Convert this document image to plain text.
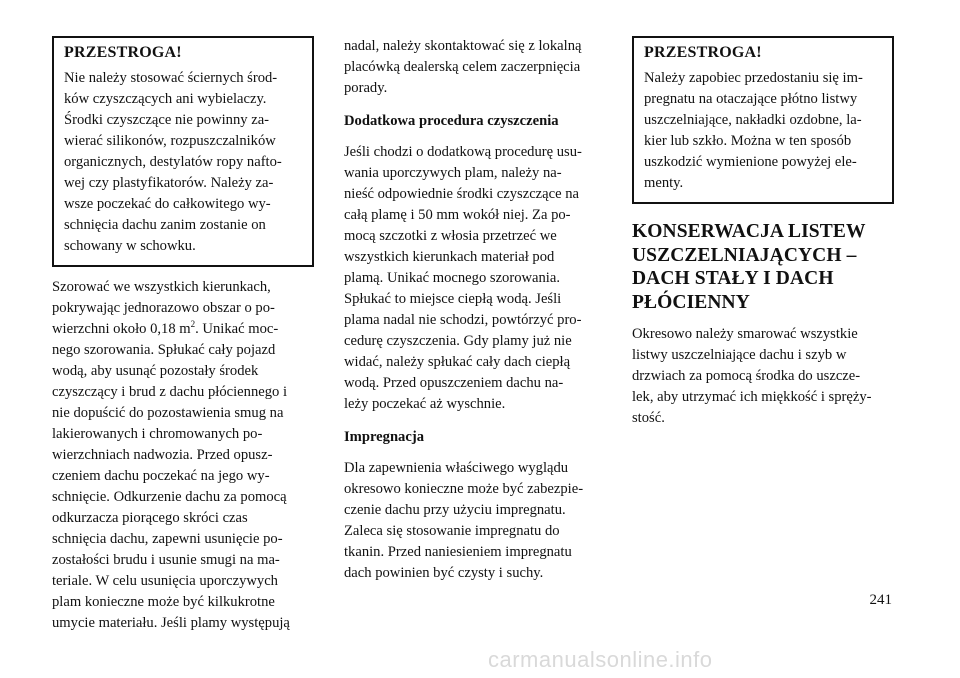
PRZESTROGA!

Nie należy stosować ściernych środ-
ków czyszczących ani wybielaczy.
Środki czyszczące nie powinny za-
wierać silikonów, rozpuszczalników
organicznych, destylatów ropy nafto-
wej czy plastyfikatorów. Należy za-
wsze poczekać do całkowitego wy-
schnięcia dachu zanim zostanie on
schowany w schowku.

Szorować we wszystkich kierunkach,
pokrywając jednorazowo obszar o po-
wierzchni około 0,18 $m^2$. Unikać moc-
nego szorowania. Spłukać cały pojazd
wodą, aby usunąć pozostały środek
czyszczący i brud z dachu płóciennego i
nie dopuścić do pozostawienia smug na
lakierowanych i chromowanych po-
wierzchniach nadwozia. Przed opusz-
czeniem dachu poczekać na jego wy-
schnięcie. Odkurzenie dachu za pomocą
odkurzacza piorącego skróci czas
schnięcia dachu, zapewni usunięcie po-
zostałości brudu i usunie smugi na ma-
teriale. W celu usunięcia uporczywych
plam konieczne może być kilkukrotne
umycie materiału. Jeśli plamy występują

nadal, należy skontaktować się z lokalną
placówką dealerską celem zaczerpnięcia
porady.

Dodatkowa procedura czyszczenia

Jeśli chodzi o dodatkową procedurę usu-
wania uporczywych plam, należy na-
nieść odpowiednie środki czyszczące na
całą plamę i 50 mm wokół niej. Za po-
mocą szczotki z włosia przetrzeć we
wszystkich kierunkach materiał pod
plamą. Unikać mocnego szorowania.
Spłukać to miejsce ciepłą wodą. Jeśli
plama nadal nie schodzi, powtórzyć pro-
cedurę czyszczenia. Gdy plamy już nie
widać, należy spłukać cały dach ciepłą
wodą. Przed opuszczeniem dachu na-
leży poczekać aż wyschnie.

Impregnacja

Dla zapewnienia właściwego wyglądu
okresowo konieczne może być zabezpie-
czenie dachu przy użyciu impregnatu.
Zaleca się stosowanie impregnatu do
tkanin. Przed naniesieniem impregnatu
dach powinien być czysty i suchy.

PRZESTROGA!

Należy zapobiec przedostaniu się im-
pregnatu na otaczające płótno listwy
uszczelniające, nakładki ozdobne, la-
kier lub szkło. Można w ten sposób
uszkodzić wymienione powyżej ele-
menty.

KONSERWACJA LISTEW
USZCZELNIAJĄCYCH –
DACH STAŁY I DACH
PŁÓCIENNY

Okresowo należy smarować wszystkie
listwy uszczelniające dachu i szyb w
drzwiach za pomocą środka do uszcze-
lek, aby utrzymać ich miękkość i spręży-
stość.

241
carmanualsonline.info
